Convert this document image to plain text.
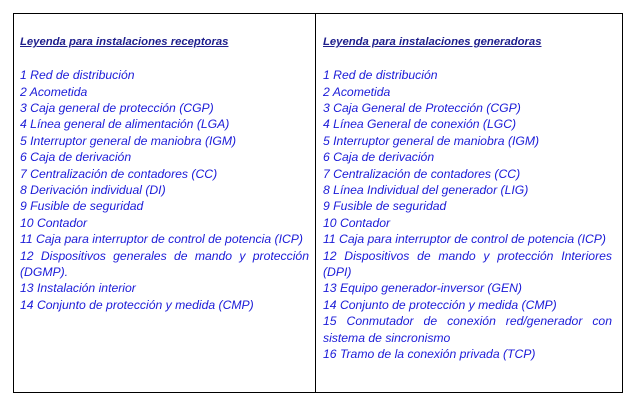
Leyenda para instalaciones receptoras
1 Red de distribución
2 Acometida
3 Caja general de protección (CGP)
4 Línea general de alimentación (LGA)
5 Interruptor general de maniobra (IGM)
6 Caja de derivación
7 Centralización de contadores (CC)
8 Derivación individual (DI)
9 Fusible de seguridad
10 Contador
11 Caja para interruptor de control de potencia (ICP)
12 Dispositivos generales de mando y protección (DGMP).
13 Instalación interior
14 Conjunto de protección y medida (CMP)
Leyenda para instalaciones generadoras
1 Red de distribución
2 Acometida
3 Caja General de Protección (CGP)
4 Línea General de conexión (LGC)
5 Interruptor general de maniobra (IGM)
6 Caja de derivación
7 Centralización de contadores (CC)
8 Línea Individual del generador (LIG)
9 Fusible de seguridad
10 Contador
11 Caja para interruptor de control de potencia (ICP)
12 Dispositivos de mando y protección Interiores (DPI)
13 Equipo generador-inversor (GEN)
14 Conjunto de protección y medida (CMP)
15 Conmutador de conexión red/generador con sistema de sincronismo
16 Tramo de la conexión privada (TCP)
